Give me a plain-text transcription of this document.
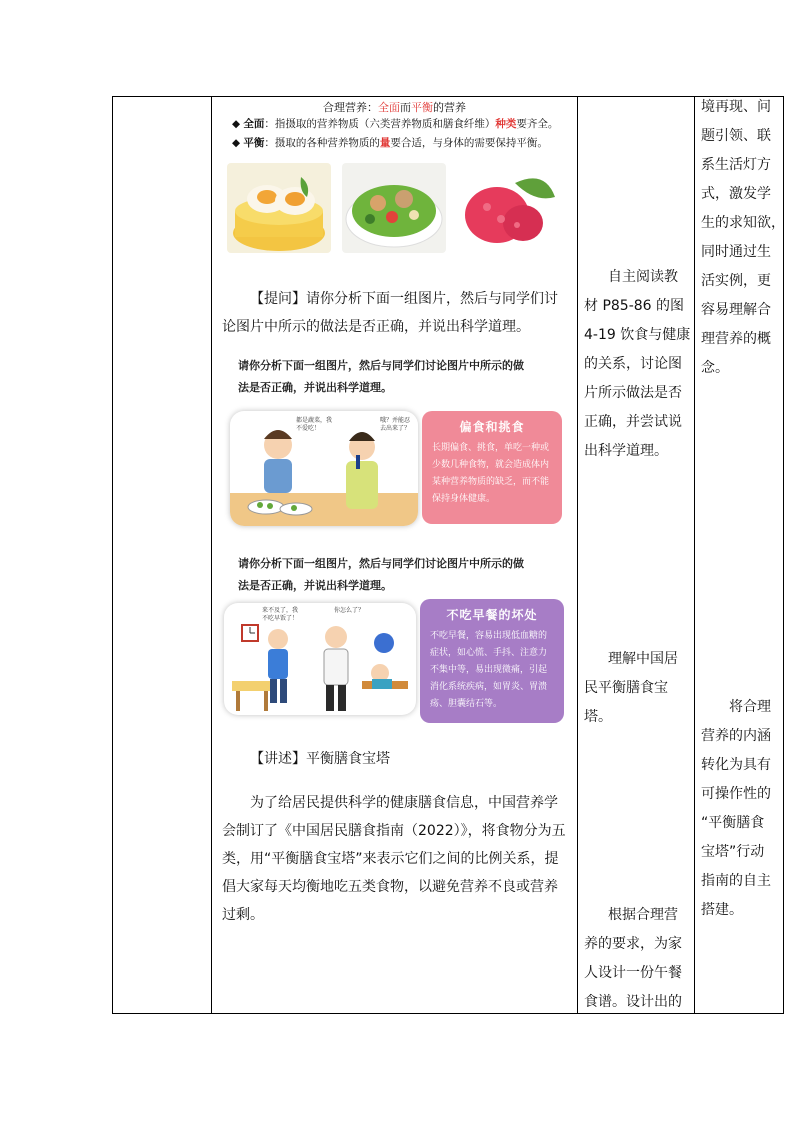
合理营养：全面而平衡的营养
◆ 全面：指摄取的营养物质（六类营养物质和膳食纤维）种类要齐全。
◆ 平衡：摄取的各种营养物质的量要合适，与身体的需要保持平衡。
【提问】请你分析下面一组图片，然后与同学们讨论图片中所示的做法是否正确，并说出科学道理。
请你分析下面一组图片，然后与同学们讨论图片中所示的做
法是否正确，并说出科学道理。
都是蔬菜，我不爱吃！
哦？并能忍去出来了？	偏食和挑食
长期偏食、挑食，单吃一种或少数几种食物，就会造成体内某种营养物质的缺乏，而不能保持身体健康。
请你分析下面一组图片，然后与同学们讨论图片中所示的做
法是否正确，并说出科学道理。
来不及了，我不吃早饭了！
你怎么了？	不吃早餐的坏处
不吃早餐，容易出现低血糖的症状，如心慌、手抖、注意力不集中等，易出现微痛，引起消化系统疾病，如胃炎、胃溃疡、胆囊结石等。
【讲述】平衡膳食宝塔
为了给居民提供科学的健康膳食信息，中国营养学会制订了《中国居民膳食指南（2022）》，将食物分为五类，用“平衡膳食宝塔”来表示它们之间的比例关系，提倡大家每天均衡地吃五类食物，以避免营养不良或营养过剩。
自主阅读教
材 P85-86 的图
4-19 饮食与健康
的关系，讨论图
片所示做法是否
正确，并尝试说
出科学道理。
理解中国居
民平衡膳食宝塔。
根据合理营
养的要求，为家
人设计一份午餐
食谱。设计出的
境再现、问
题引领、联
系生活灯方
式，激发学
生的求知欲，
同时通过生
活实例，更
容易理解合
理营养的概
念。
将合理
营养的内涵
转化为具有
可操作性的
“平衡膳食
宝塔”行动
指南的自主
搭建。
